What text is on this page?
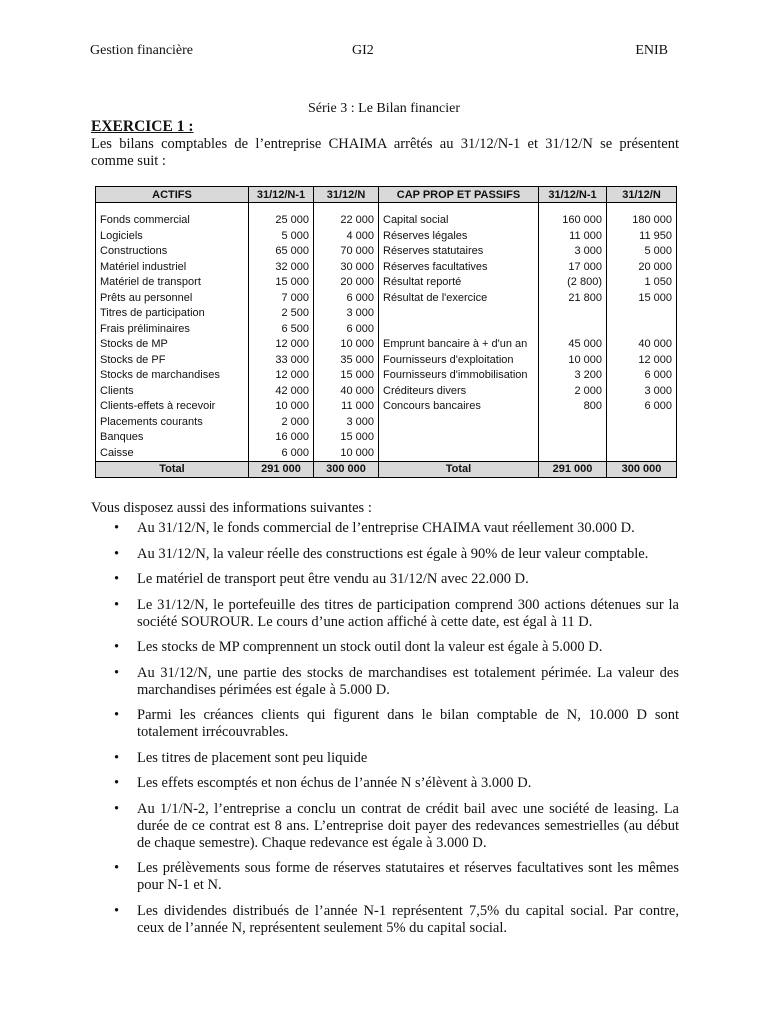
Gestion financière	GI2	ENIB
Série 3 : Le Bilan financier
EXERCICE 1 :
Les bilans comptables de l’entreprise CHAIMA arrêtés au 31/12/N-1 et 31/12/N se présentent comme suit :
ACTIFS	31/12/N-1	31/12/N	CAP PROP ET PASSIFS	31/12/N-1	31/12/N

Fonds commercial	25 000	22 000	Capital social	160 000	180 000
Logiciels	5 000	4 000	Réserves légales	11 000	11 950
Constructions	65 000	70 000	Réserves statutaires	3 000	5 000
Matériel industriel	32 000	30 000	Réserves facultatives	17 000	20 000
Matériel de transport	15 000	20 000	Résultat reporté	(2 800)	1 050
Prêts au personnel	7 000	6 000	Résultat de l'exercice	21 800	15 000
Titres de participation	2 500	3 000			
Frais préliminaires	6 500	6 000			
Stocks de MP	12 000	10 000	Emprunt bancaire à + d'un an	45 000	40 000
Stocks de PF	33 000	35 000	Fournisseurs d'exploitation	10 000	12 000
Stocks de marchandises	12 000	15 000	Fournisseurs d'immobilisation	3 200	6 000
Clients	42 000	40 000	Créditeurs divers	2 000	3 000
Clients-effets à recevoir	10 000	11 000	Concours bancaires	800	6 000
Placements courants	2 000	3 000			
Banques	16 000	15 000			
Caisse	6 000	10 000			
Total	291 000	300 000	Total	291 000	300 000
Vous disposez aussi des informations suivantes :
• Au 31/12/N, le fonds commercial de l’entreprise CHAIMA vaut réellement 30.000 D.
• Au 31/12/N, la valeur réelle des constructions est égale à 90% de leur valeur comptable.
• Le matériel de transport peut être vendu au 31/12/N avec 22.000 D.
• Le 31/12/N, le portefeuille des titres de participation comprend 300 actions détenues sur la société SOUROUR. Le cours d’une action affiché à cette date, est égal à 11 D.
• Les stocks de MP comprennent un stock outil dont la valeur est égale à 5.000 D.
• Au 31/12/N, une partie des stocks de marchandises est totalement périmée. La valeur des marchandises périmées est égale à 5.000 D.
• Parmi les créances clients qui figurent dans le bilan comptable de N, 10.000 D sont totalement irrécouvrables.
• Les titres de placement sont peu liquide
• Les effets escomptés et non échus de l’année N s’élèvent à 3.000 D.
• Au 1/1/N-2, l’entreprise a conclu un contrat de crédit bail avec une société de leasing. La durée de ce contrat est 8 ans. L’entreprise doit payer des redevances semestrielles (au début de chaque semestre). Chaque redevance est égale à 3.000 D.
• Les prélèvements sous forme de réserves statutaires et réserves facultatives sont les mêmes pour N-1 et N.
• Les dividendes distribués de l’année N-1 représentent 7,5% du capital social. Par contre, ceux de l’année N, représentent seulement 5% du capital social.
